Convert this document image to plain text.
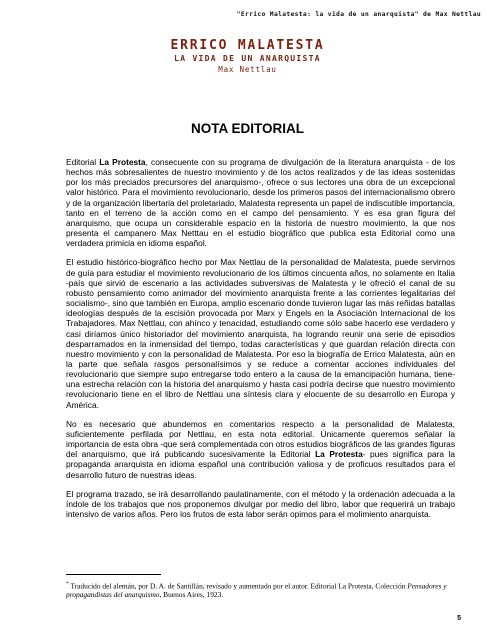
"Errico Malatesta: la vida de un anarquista" de Max Nettlau
ERRICO MALATESTA
LA VIDA DE UN ANARQUISTA
Max Nettlau
NOTA EDITORIAL

Editorial La Protesta, consecuente con su programa de divulgación de la literatura anarquista - de los hechos más sobresalientes de nuestro movimiento y de los actos realizados y de las ideas sostenidas por los más preciados precursores del anarquismo-, ofrece o sus lectores una obra de un excepcional valor histórico. Para el movimiento revolucionario, desde los primeros pasos del internacionalismo obrero y de la organización libertaria del proletariado, Malatesta representa un papel de indiscutible importancia, tanto en el terreno de la acción como en el campo del pensamiento. Y es esa gran figura del anarquismo, que ocupa un considerable espacio en la historia de nuestro movimiento, la que nos presenta el campanero Max Netttau en el estudio biográfico que publica esta Editorial como una verdadera primicia en idioma español.

El estudio histórico-biográfico hecho por Max Nettlau de la personalidad de Malatesta, puede servirnos de guía para estudiar el movimiento revolucionario de los últimos cincuenta años, no solamente en Italia -país que sirvió de escenario a las actividades subversivas de Malatesta y le ofreció el canal de su robusto pensamiento como animador del movimiento anarquista frente a las corrientes legalitarias del socialismo-, sino que también en Europa, amplio escenario donde tuvieron lugar las más reñidas batallas ideologías después de la escisión provocada por Marx y Engels en la Asociación Internacional de los Trabajadores. Max Nettlau, con ahínco y tenacidad, estudiando come sólo sabe hacerlo ese verdadero y casi diríamos único historiador del movimiento anarquista, ha logrando reunir una serie de episodios desparramados en la inmensidad del tiempo, todas características y que guardan relación directa con nuestro movimiento y con la personalidad de Malatesta. Por eso la biografía de Errico Malatesta, aún en la parte que señala rasgos personalísimos y se reduce a comentar acciones individuales del revolucionario que siempre supo entregarse todo entero a la causa de la emancipación humana, tiene- una estrecha relación con la historia del anarquismo y hasta casi podría decirse que nuestro movimiento revolucionario tiene en el libro de Nettlau una síntesis clara y elocuente de su desarrollo en Europa y América.

No es necesario que abundemos en comentarios respecto a la personalidad de Malatesta, suficientemente perfilada por Nettlau, en esta nota editorial. Únicamente queremos señalar la importancia de esta obra -que será complementada con otros estudios biográficos de las grandes figuras del anarquismo, que irá publicando sucesivamente la Editorial La Protesta- pues significa para la propaganda anarquista en idioma español una contribución valiosa y de proficuos resultados para el desarrollo futuro de nuestras ideas.

El programa trazado, se irá desarrollando paulatinamente, con el método y la ordenación adecuada a la índole de los trabajos que nos proponemos divulgar por medio del libro, labor que requerirá un trabajo intensivo de varios años. Pero los frutos de esta labor serán opimos para el molimiento anarquista.

* Traducido del alemán, por D. A. de Santillán, revisado y aumentado por el autor. Editorial La Protesta, Colección Pensadores y propagandistas del anarquismo, Buenos Aires, 1923.
5
